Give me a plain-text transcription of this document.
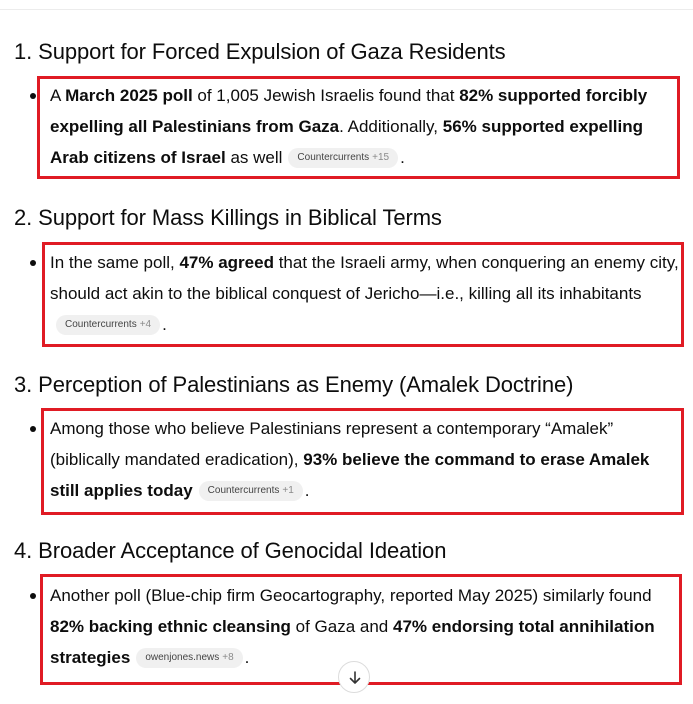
1. Support for Forced Expulsion of Gaza Residents
A March 2025 poll of 1,005 Jewish Israelis found that 82% supported forcibly expelling all Palestinians from Gaza. Additionally, 56% supported expelling Arab citizens of Israel as well Countercurrents +15 .
2. Support for Mass Killings in Biblical Terms
In the same poll, 47% agreed that the Israeli army, when conquering an enemy city, should act akin to the biblical conquest of Jericho—i.e., killing all its inhabitantsCountercurrents +4 .
3. Perception of Palestinians as Enemy (Amalek Doctrine)
Among those who believe Palestinians represent a contemporary “Amalek” (biblically mandated eradication), 93% believe the command to erase Amalek still applies today Countercurrents +1 .
4. Broader Acceptance of Genocidal Ideation
Another poll (Blue-chip firm Geocartography, reported May 2025) similarly found 82% backing ethnic cleansing of Gaza and 47% endorsing total annihilation strategies owenjones.news +8 .
